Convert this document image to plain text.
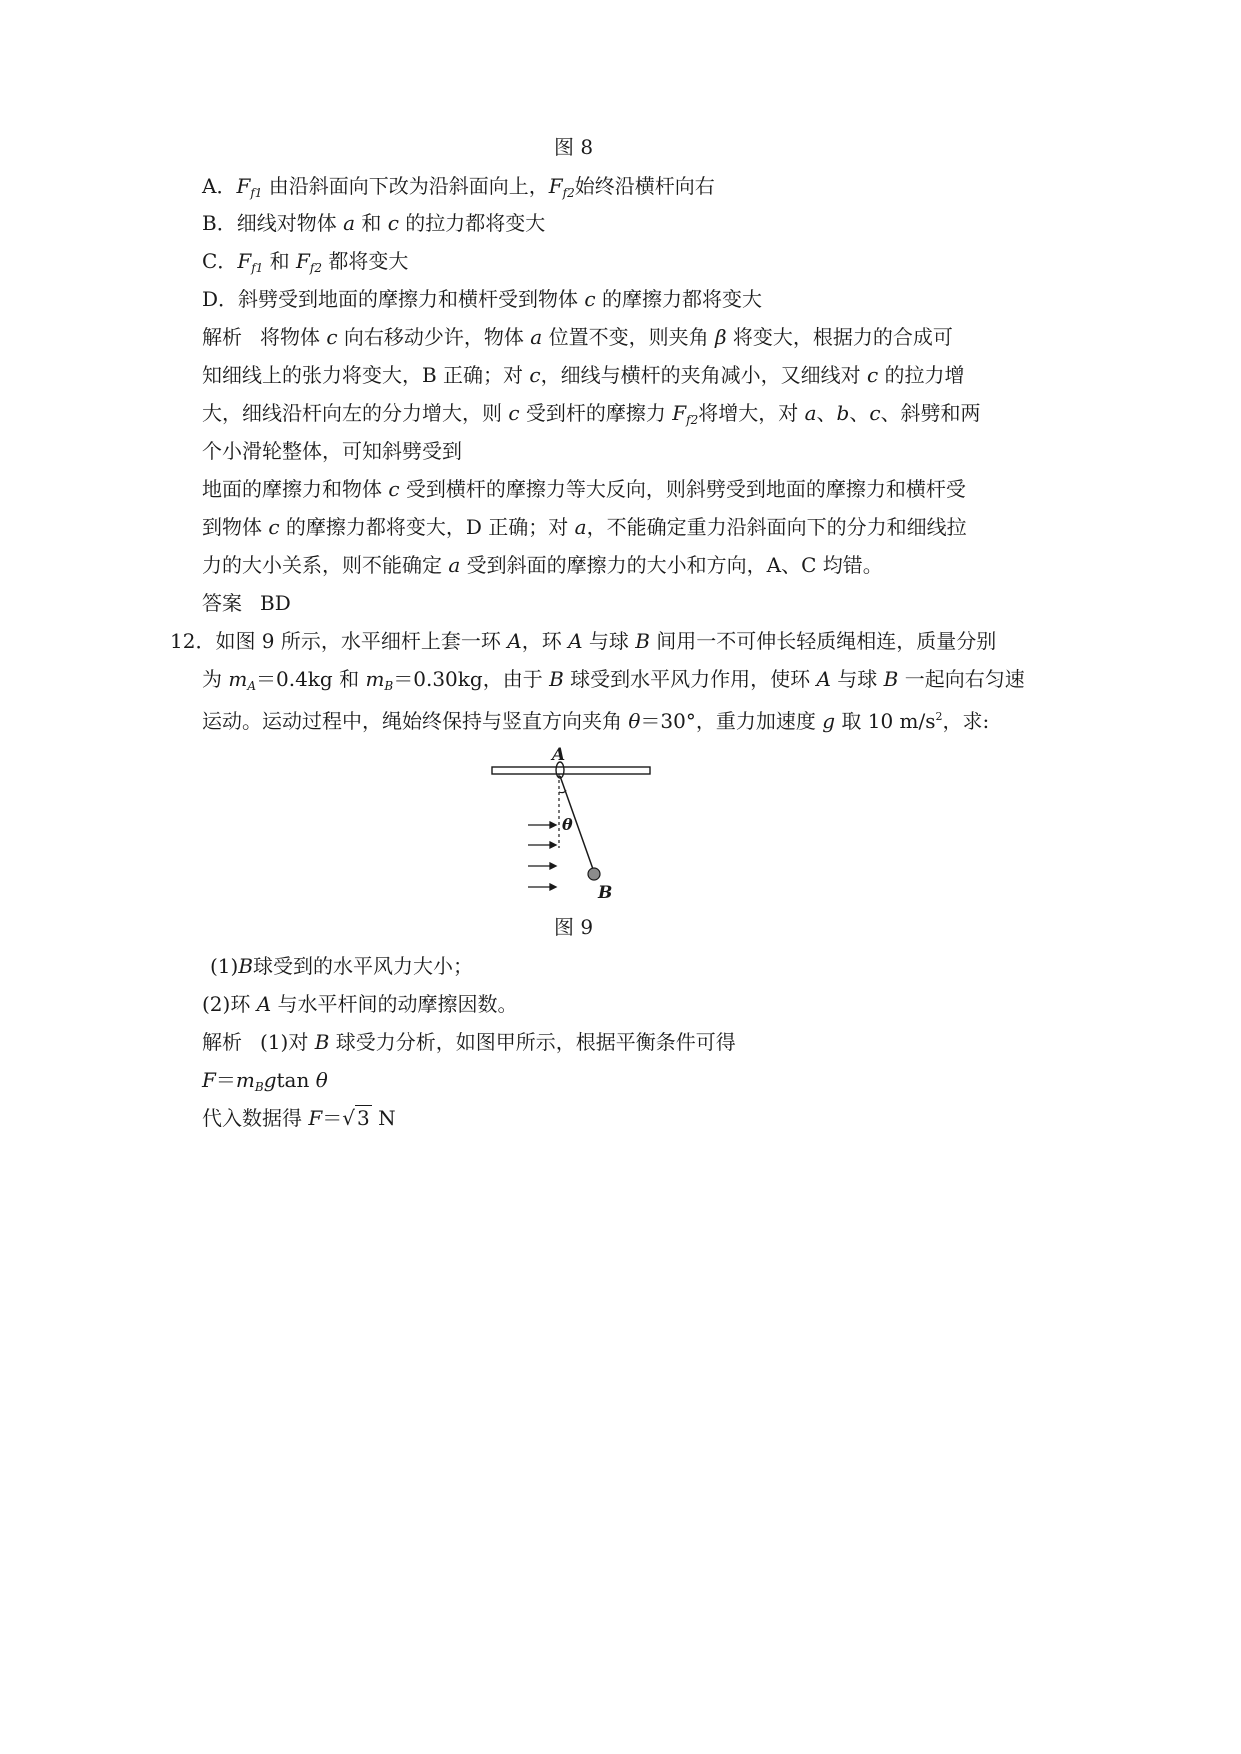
图 8
A．$F_{f1}$ 由沿斜面向下改为沿斜面向上，$F_{f2}$始终沿横杆向右
B．细线对物体 a 和 c 的拉力都将变大
C．$F_{f1}$ 和 $F_{f2}$ 都将变大
D．斜劈受到地面的摩擦力和横杆受到物体 c 的摩擦力都将变大
解析 将物体 c 向右移动少许，物体 a 位置不变，则夹角 β 将变大，根据力的合成可
知细线上的张力将变大，B 正确；对 c，细线与横杆的夹角减小，又细线对 c 的拉力增
大，细线沿杆向左的分力增大，则 c 受到杆的摩擦力 $F_{f2}$将增大，对 a、b、c、斜劈和两
个小滑轮整体，可知斜劈受到
地面的摩擦力和物体 c 受到横杆的摩擦力等大反向，则斜劈受到地面的摩擦力和横杆受
到物体 c 的摩擦力都将变大，D 正确；对 a，不能确定重力沿斜面向下的分力和细线拉
力的大小关系，则不能确定 a 受到斜面的摩擦力的大小和方向，A、C 均错。
答案 BD
12．如图 9 所示，水平细杆上套一环 A，环 A 与球 B 间用一不可伸长轻质绳相连，质量分别
为 $m_A=0.4kg$ 和 $m_B=0.30kg$，由于 B 球受到水平风力作用，使环 A 与球 B 一起向右匀速
运动。运动过程中，绳始终保持与竖直方向夹角 θ＝30°，重力加速度 g 取 10 $m/s^2$，求:
A
θ
B
图 9
(1)B球受到的水平风力大小；
(2)环 A 与水平杆间的动摩擦因数。
解析 (1)对 B 球受力分析，如图甲所示，根据平衡条件可得
$F=m_Bgtan$ θ
代入数据得 F＝√ 3 N
